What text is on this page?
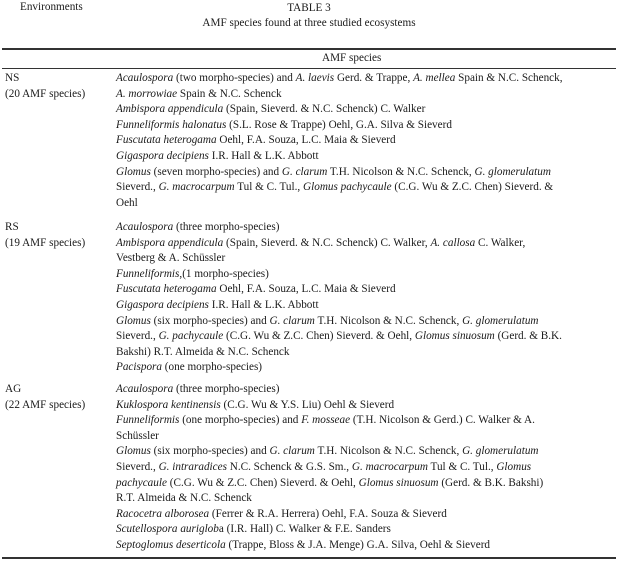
TABLE 3
AMF species found at three studied ecosystems
Environments
AMF species
NS
(20 AMF species)
Acaulospora (two morpho-species) and A. laevis Gerd. & Trappe, A. mellea Spain & N.C. Schenck,
A. morrowiae Spain & N.C. Schenck
Ambispora appendicula (Spain, Sieverd. & N.C. Schenck) C. Walker
Funneliformis halonatus (S.L. Rose & Trappe) Oehl, G.A. Silva & Sieverd
Fuscutata heterogama Oehl, F.A. Souza, L.C. Maia & Sieverd
Gigaspora decipiens I.R. Hall & L.K. Abbott
Glomus (seven morpho-species) and G. clarum T.H. Nicolson & N.C. Schenck, G. glomerulatum
Sieverd., G. macrocarpum Tul & C. Tul., Glomus pachycaule (C.G. Wu & Z.C. Chen) Sieverd. &
Oehl
RS
(19 AMF species)
Acaulospora (three morpho-species)
Ambispora appendicula (Spain, Sieverd. & N.C. Schenck) C. Walker, A. callosa C. Walker,
Vestberg & A. Schüssler
Funneliformis,(1 morpho-species)
Fuscutata heterogama Oehl, F.A. Souza, L.C. Maia & Sieverd
Gigaspora decipiens I.R. Hall & L.K. Abbott
Glomus (six morpho-species) and G. clarum T.H. Nicolson & N.C. Schenck, G. glomerulatum
Sieverd., G. pachycaule (C.G. Wu & Z.C. Chen) Sieverd. & Oehl, Glomus sinuosum (Gerd. & B.K.
Bakshi) R.T. Almeida & N.C. Schenck
Pacispora (one morpho-species)
AG
(22 AMF species)
Acaulospora (three morpho-species)
Kuklospora kentinensis (C.G. Wu & Y.S. Liu) Oehl & Sieverd
Funneliformis (one morpho-species) and F. mosseae (T.H. Nicolson & Gerd.) C. Walker & A.
Schüssler
Glomus (six morpho-species) and G. clarum T.H. Nicolson & N.C. Schenck, G. glomerulatum
Sieverd., G. intraradices N.C. Schenck & G.S. Sm., G. macrocarpum Tul & C. Tul., Glomus
pachycaule (C.G. Wu & Z.C. Chen) Sieverd. & Oehl, Glomus sinuosum (Gerd. & B.K. Bakshi)
R.T. Almeida & N.C. Schenck
Racocetra alborosea (Ferrer & R.A. Herrera) Oehl, F.A. Souza & Sieverd
Scutellospora aurigloba (I.R. Hall) C. Walker & F.E. Sanders
Septoglomus deserticola (Trappe, Bloss & J.A. Menge) G.A. Silva, Oehl & Sieverd
